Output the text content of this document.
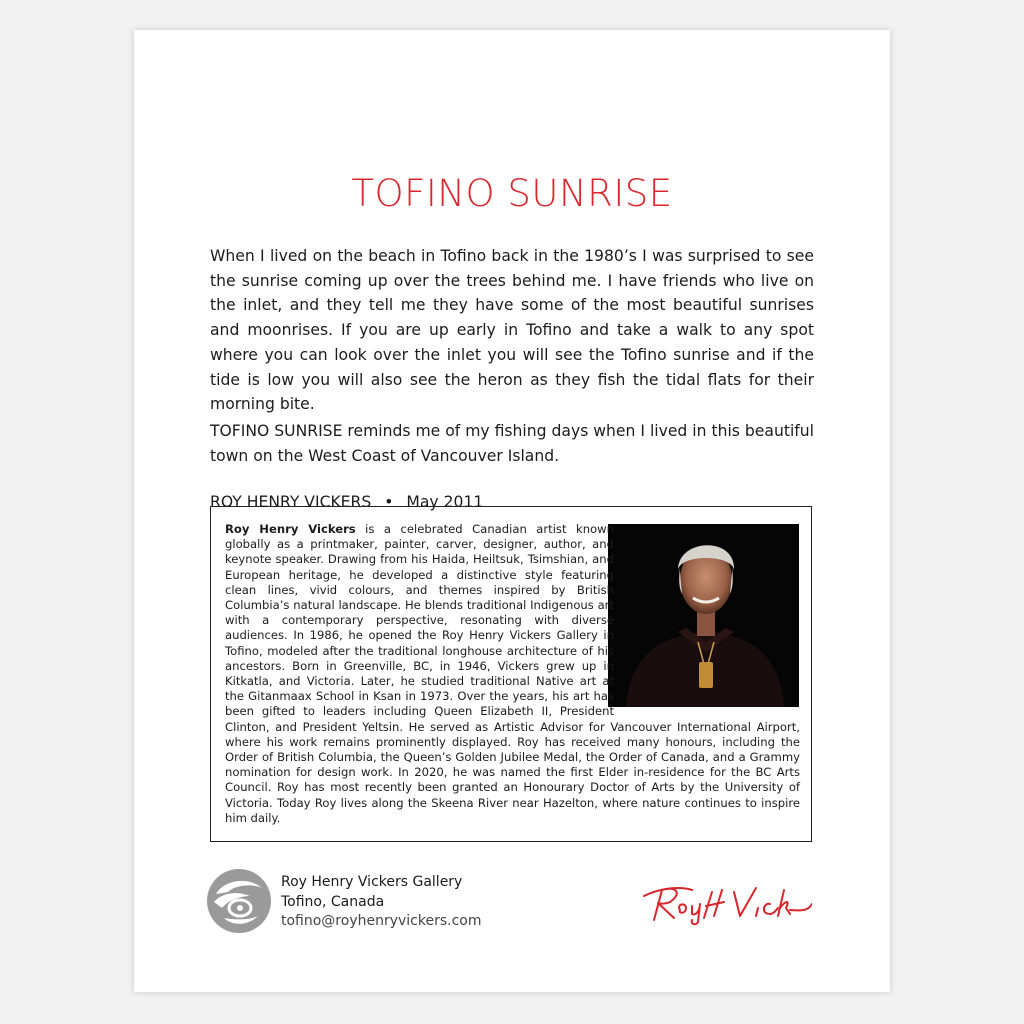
TOFINO SUNRISE
When I lived on the beach in Tofino back in the 1980’s I was surprised to see the sunrise coming up over the trees behind me. I have friends who live on the inlet, and they tell me they have some of the most beautiful sunrises and moonrises. If you are up early in Tofino and take a walk to any spot where you can look over the inlet you will see the Tofino sunrise and if the tide is low you will also see the heron as they fish the tidal flats for their morning bite.
TOFINO SUNRISE reminds me of my fishing days when I lived in this beautiful town on the West Coast of Vancouver Island.
ROY HENRY VICKERS • May 2011
Roy Henry Vickers is a celebrated Canadian artist known globally as a printmaker, painter, carver, designer, author, and keynote speaker. Drawing from his Haida, Heiltsuk, Tsimshian, and European heritage, he developed a distinctive style featuring clean lines, vivid colours, and themes inspired by British Columbia’s natural landscape. He blends traditional Indigenous art with a contemporary perspective, resonating with diverse audiences. In 1986, he opened the Roy Henry Vickers Gallery in Tofino, modeled after the traditional longhouse architecture of his ancestors. Born in Greenville, BC, in 1946, Vickers grew up in Kitkatla, and Victoria. Later, he studied traditional Native art at the Gitanmaax School in Ksan in 1973. Over the years, his art has been gifted to leaders including Queen Elizabeth II, President Clinton, and President Yeltsin. He served as Artistic Advisor for Vancouver International Airport, where his work remains prominently displayed. Roy has received many honours, including the Order of British Columbia, the Queen’s Golden Jubilee Medal, the Order of Canada, and a Grammy nomination for design work. In 2020, he was named the first Elder in-residence for the BC Arts Council. Roy has most recently been granted an Honourary Doctor of Arts by the University of Victoria. Today Roy lives along the Skeena River near Hazelton, where nature continues to inspire him daily.
Roy Henry Vickers Gallery
Tofino, Canada
tofino@royhenryvickers.com
